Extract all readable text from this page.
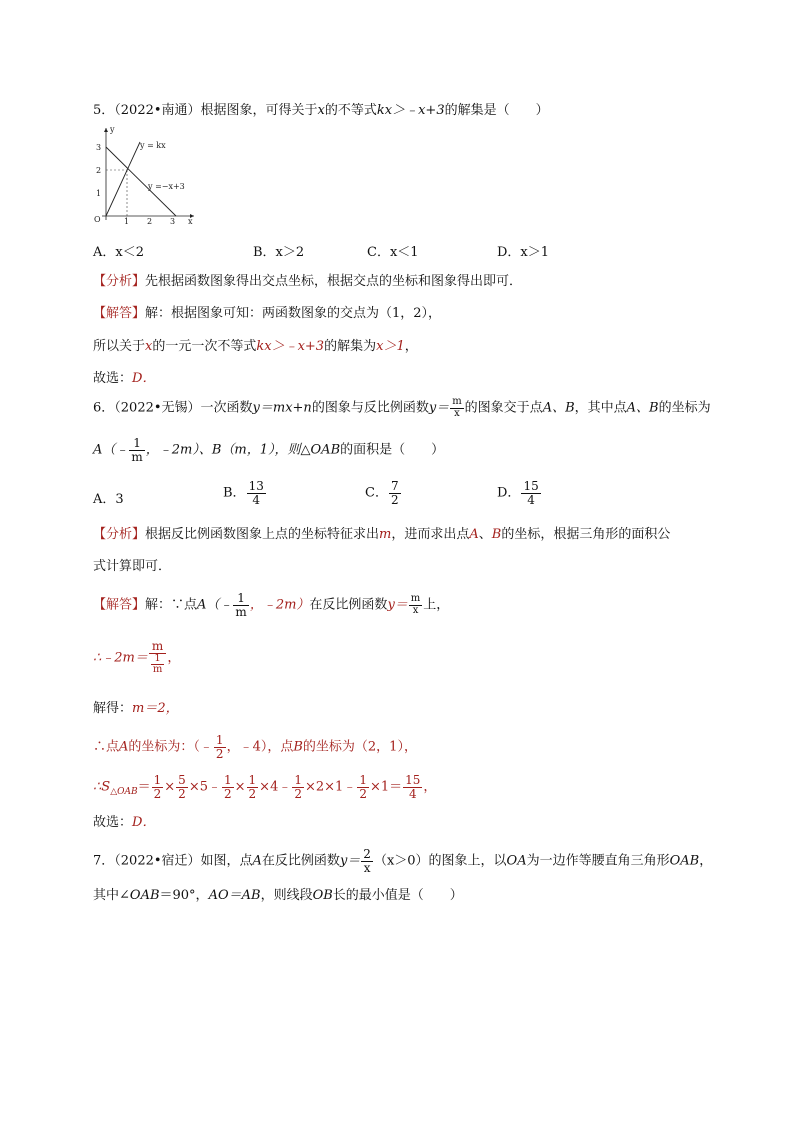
5．（2022•南通）根据图象，可得关于x的不等式kx＞﹣x+3的解集是（　　）
y
x
O
3
2
1
1 2 3
y = kx
y =−x+3
A．x＜2	B．x＞2	C．x＜1	D．x＞1
【分析】先根据函数图象得出交点坐标，根据交点的坐标和图象得出即可．
【解答】解：根据图象可知：两函数图象的交点为（1，2），
所以关于x的一元一次不等式kx＞﹣x+3的解集为x＞1，
故选：D．
6．（2022•无锡）一次函数y＝mx+n的图象与反比例函数$y= \frac{m}{x}$ 的图象交于点A、B，其中点A、B的坐标为
A（﹣ $\frac{1}{m}$ ，﹣2m）、B（m，1），则△OAB的面积是（　　）
A．3	B． $\frac{13}{4}$	C． $\frac{7}{2}$	D． $\frac{15}{4}$
【分析】根据反比例函数图象上点的坐标特征求出m，进而求出点A、B的坐标，根据三角形的面积公
式计算即可．
【解答】解：∵点A（﹣ $\frac{1}{m}$ ，﹣2m）在反比例函数$y= \frac{m}{x}$ 上，
∴﹣2m＝ $\frac{m}{\frac{1}{m}}$ ，
解得：m＝2，
∴点A的坐标为：（﹣ $\frac{1}{2}$ ，﹣4），点B的坐标为（2，1），
$\therefore S_{\triangle OAB}= \frac{1}{2} \times \frac{5}{2}$ ×5﹣ $\frac{1}{2} \times \frac{1}{2}$ ×4﹣ $\frac{1}{2}$ ×2×1﹣ $\frac{1}{2} \times 1= \frac{15}{4}$ ，
故选：D．
7．（2022•宿迁）如图，点A在反比例函数$y= \frac{2}{x} (x>0)$的图象上，以OA为一边作等腰直角三角形OAB，
其中∠OAB＝90°，AO＝AB，则线段OB长的最小值是（　　）
